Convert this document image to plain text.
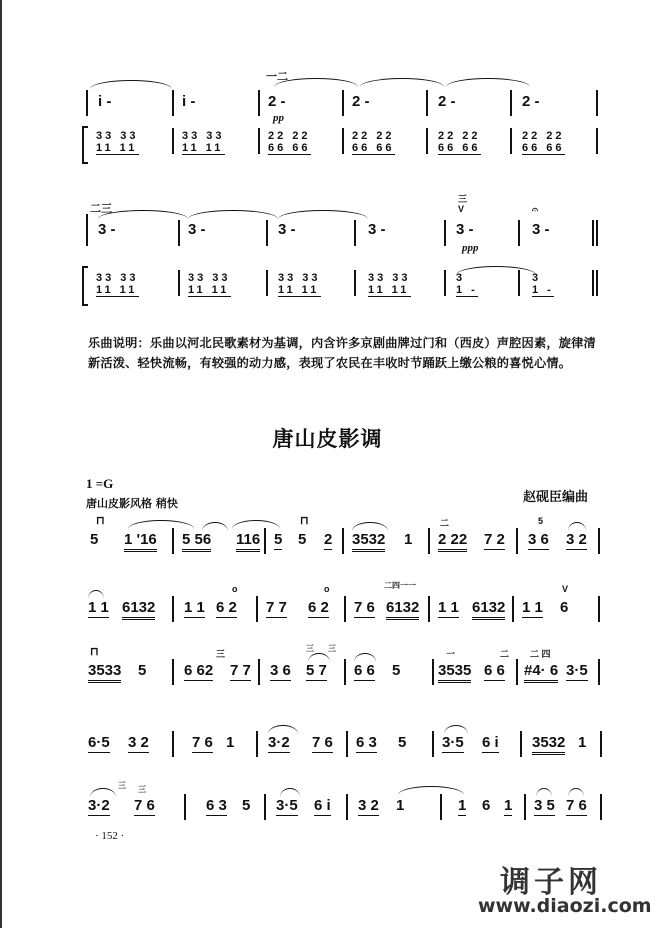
i -	i -
一二
2 -
pp
2 -	2 -	2 -
33 33
11 11
33 33
11 11
22 22
66 66
22 22
66 66
22 22
66 66
22 22
66 66
二三
3 -	3 -	3 -	3 -
三
V
3 -
ppp
𝄐
3 -
33 33
11 11
33 33
11 11
33 33
11 11
33 33
11 11
3
1 -
3
1 -
乐曲说明：乐曲以河北民歌素材为基调，内含许多京剧曲牌过门和（西皮）声腔因素，旋律清新活泼、轻快流畅，有较强的动力感，表现了农民在丰收时节踊跃上缴公粮的喜悦心情。
唐山皮影调
1 =G
唐山皮影风格 稍快	赵砚臣编曲
⊓
5 1 '16 5 56 116 5
⊓
5 2 3532 1
二
2 22 7 2
5
3 6 3 2
1 1 6132 1 1
o
6 2 7 7
o
6 2 7 6
二四一一
6132 1 1 6132 1 1
V
6
⊓
3533 5
三
6 62 7 7 3 6
三 三
5 7 6 6 5
一
3535
二
6 6
二 四
#4· 6 3·5
6·5 3 2	7 6 1 3·2 7 6 6 3 5 3·5 6 i 3532 1
三
3·2
三
7 6	6 3 5 3·5 6 i 3 2 1	1 6 1 3 5 7 6
· 152 ·
调子网
www.diaozi.com
